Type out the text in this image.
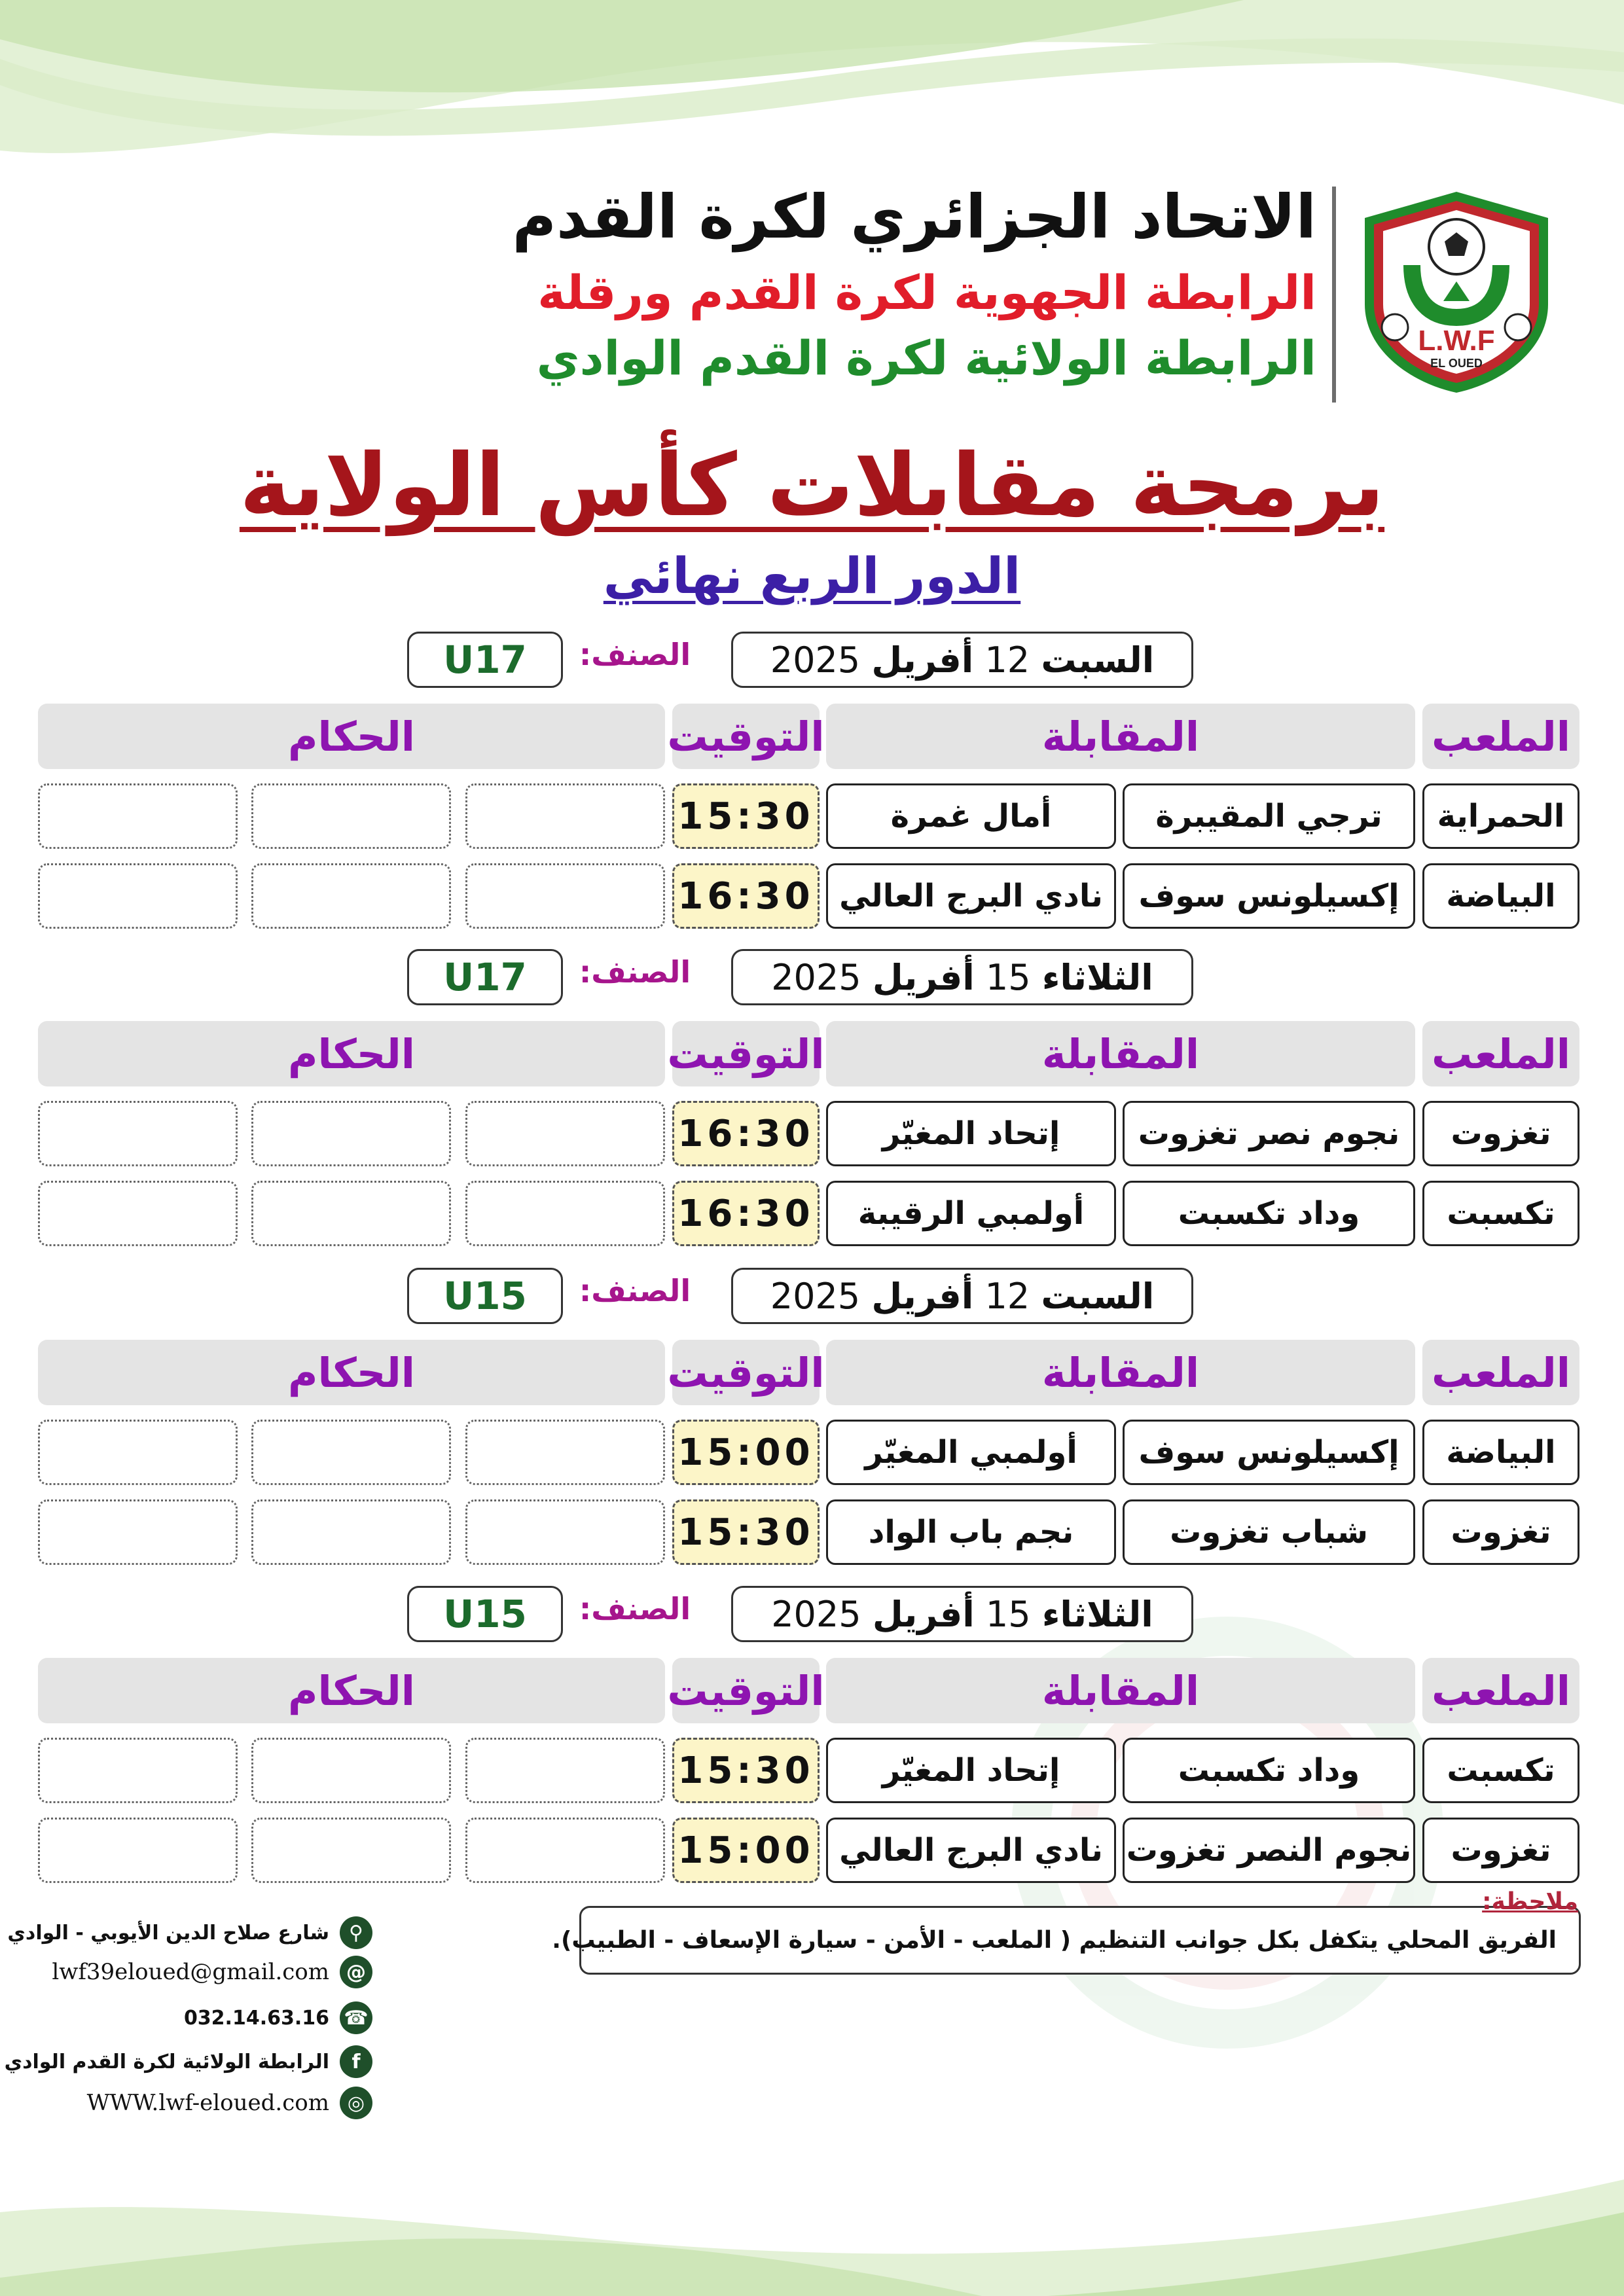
L.W.F
EL OUED
الاتحاد الجزائري لكرة القدم
الرابطة الجهوية لكرة القدم ورقلة
الرابطة الولائية لكرة القدم الوادي
برمجة مقابلات كأس الولاية
الدور الربع نهائي
السبت

12

أفريل

2025
الصنف:
U17
الملعب
المقابلة
التوقيت
الحكام
الحمراية
ترجي المقيبرة
أمال غمرة
15:30
البياضة
إكسيلونس سوف
نادي البرج العالي
16:30
الثلاثاء

15

أفريل

2025
الصنف:
U17
الملعب
المقابلة
التوقيت
الحكام
تغزوت
نجوم نصر تغزوت
إتحاد المغيّر
16:30
تكسبت
وداد تكسبت
أولمبي الرقيبة
16:30
السبت

12

أفريل

2025
الصنف:
U15
الملعب
المقابلة
التوقيت
الحكام
البياضة
إكسيلونس سوف
أولمبي المغيّر
15:00
تغزوت
شباب تغزوت
نجم باب الواد
15:30
الثلاثاء

15

أفريل

2025
الصنف:
U15
الملعب
المقابلة
التوقيت
الحكام
تكسبت
وداد تكسبت
إتحاد المغيّر
15:30
تغزوت
نجوم النصر تغزوت
نادي البرج العالي
15:00
ملاحظة:
الفريق المحلي يتكفل بكل جوانب التنظيم ( الملعب - الأمن - سيارة الإسعاف - الطبيب).
⚲
شارع صلاح الدين الأيوبي - الوادي
@
lwf39eloued@gmail.com
☎
032.14.63.16
f
الرابطة الولائية لكرة القدم الوادي
◎
WWW.lwf-eloued.com
